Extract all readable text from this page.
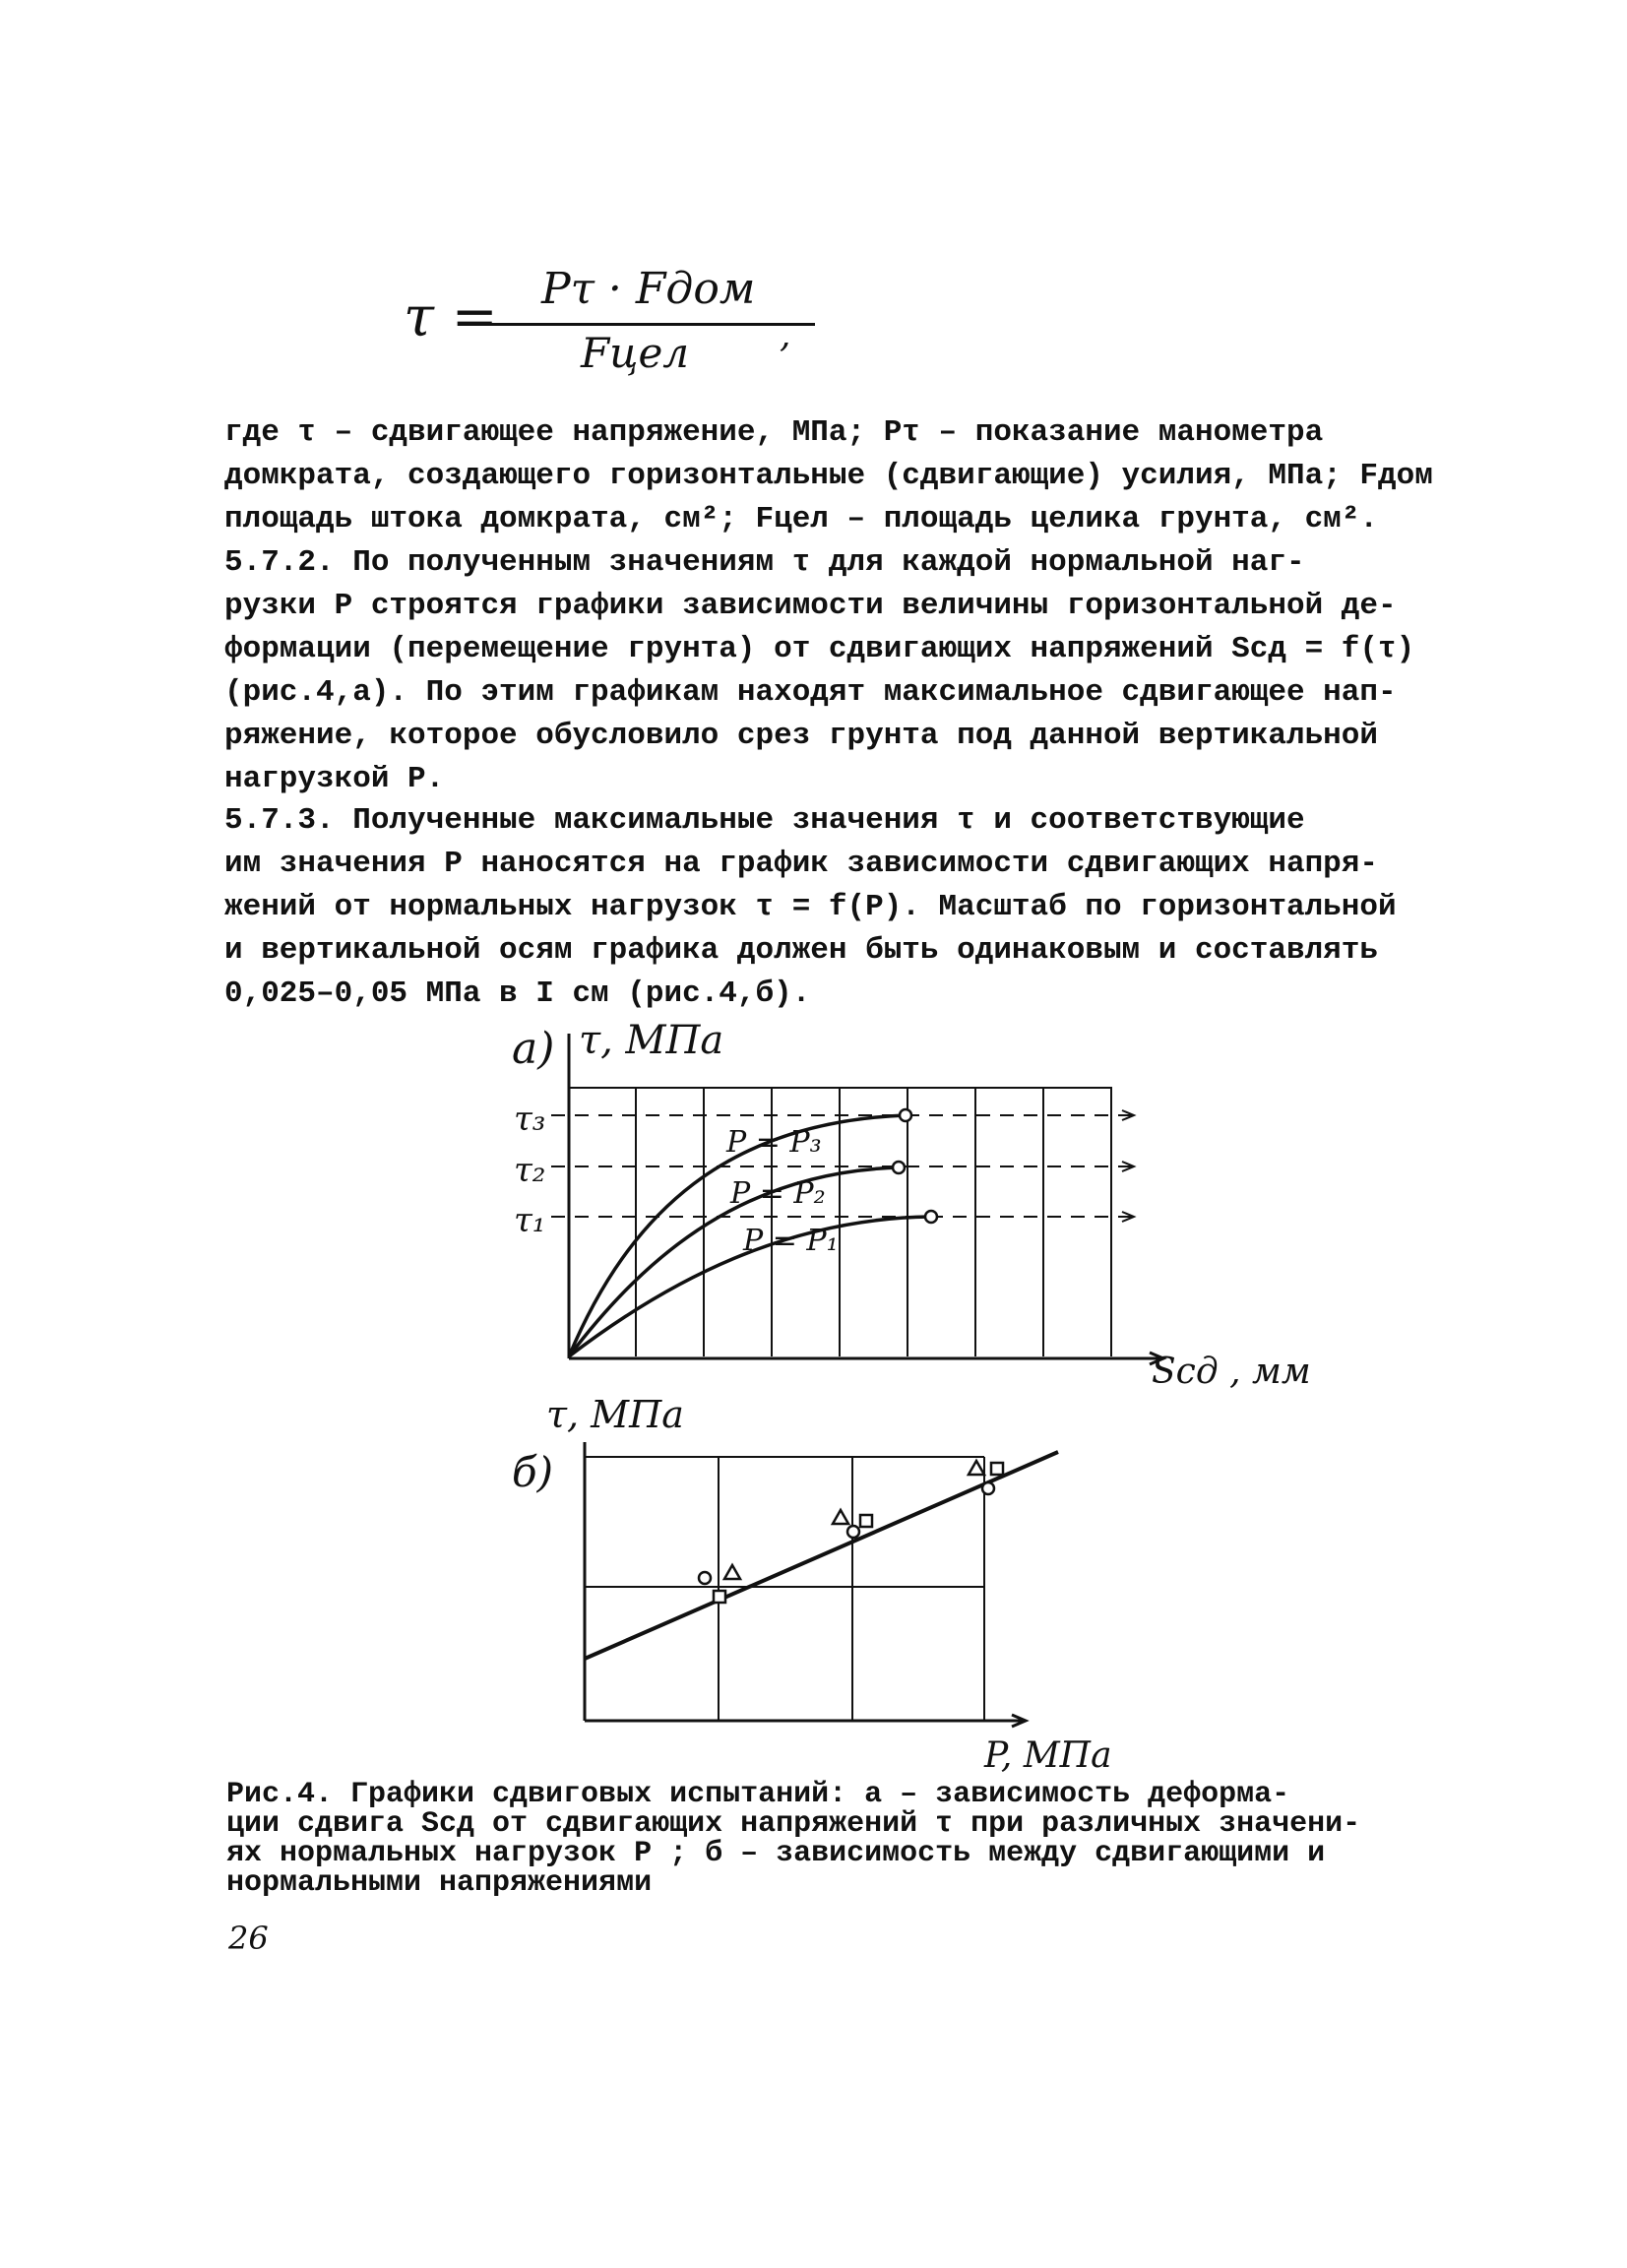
τ = Pτ · Fдом
Fцел	,
где τ – сдвигающее напряжение, МПа; Pτ – показание манометра
домкрата, создающего горизонтальные (сдвигающие) усилия, МПа; Fдом
площадь штока домкрата, см²; Fцел – площадь целика грунта, см².
5.7.2. По полученным значениям τ для каждой нормальной наг-
рузки P строятся графики зависимости величины горизонтальной де-
формации (перемещение грунта) от сдвигающих напряжений Sсд = f(τ)
(рис.4,а). По этим графикам находят максимальное сдвигающее нап-
ряжение, которое обусловило срез грунта под данной вертикальной
нагрузкой P.
5.7.3. Полученные максимальные значения τ и соответствующие
им значения P наносятся на график зависимости сдвигающих напря-
жений от нормальных нагрузок τ = f(P). Масштаб по горизонтальной
и вертикальной осям графика должен быть одинаковым и составлять
0,025–0,05 МПа в I см (рис.4,б).
а) τ, МПа
Sсд , мм
τ₃
τ₂
τ₁
P = P₃
P = P₂
P = P₁
τ, МПа
б)
P, МПа
Рис.4. Графики сдвиговых испытаний: а – зависимость деформа-
ции сдвига Sсд от сдвигающих напряжений τ при различных значени-
ях нормальных нагрузок P ; б – зависимость между сдвигающими и
нормальными напряжениями
26
